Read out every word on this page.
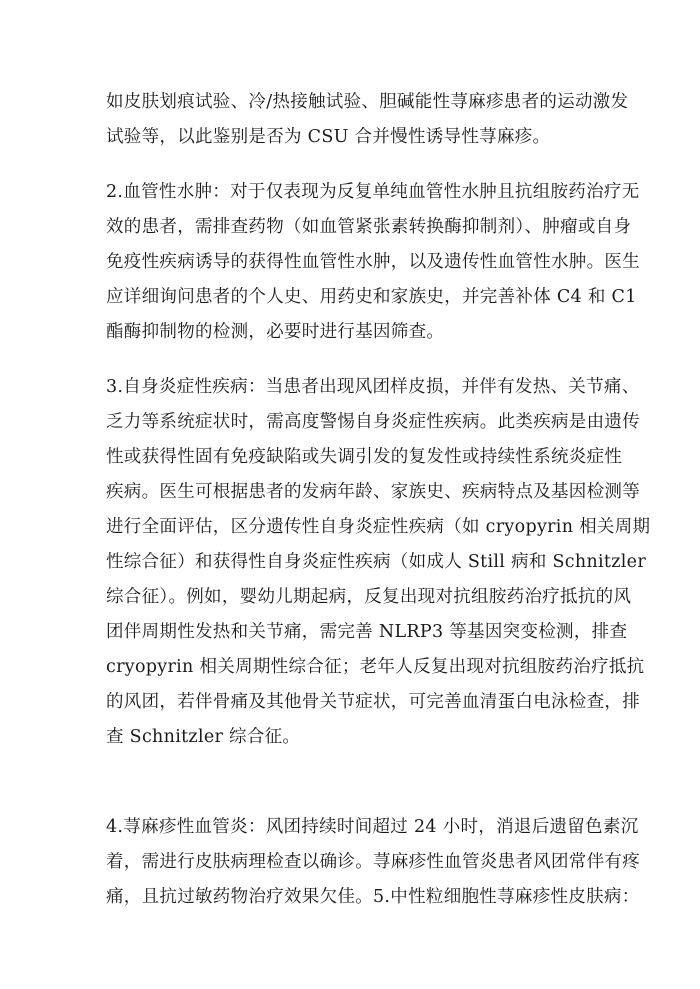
如皮肤划痕试验、冷/热接触试验、胆碱能性荨麻疹患者的运动激发
试验等，以此鉴别是否为 CSU 合并慢性诱导性荨麻疹。
2.血管性水肿：对于仅表现为反复单纯血管性水肿且抗组胺药治疗无
效的患者，需排查药物（如血管紧张素转换酶抑制剂）、肿瘤或自身
免疫性疾病诱导的获得性血管性水肿，以及遗传性血管性水肿。医生
应详细询问患者的个人史、用药史和家族史，并完善补体 C4 和 C1
酯酶抑制物的检测，必要时进行基因筛查。
3.自身炎症性疾病：当患者出现风团样皮损，并伴有发热、关节痛、
乏力等系统症状时，需高度警惕自身炎症性疾病。此类疾病是由遗传
性或获得性固有免疫缺陷或失调引发的复发性或持续性系统炎症性
疾病。医生可根据患者的发病年龄、家族史、疾病特点及基因检测等
进行全面评估，区分遗传性自身炎症性疾病（如 cryopyrin 相关周期
性综合征）和获得性自身炎症性疾病（如成人 Still 病和 Schnitzler
综合征）。例如，婴幼儿期起病，反复出现对抗组胺药治疗抵抗的风
团伴周期性发热和关节痛，需完善 NLRP3 等基因突变检测，排查
cryopyrin 相关周期性综合征；老年人反复出现对抗组胺药治疗抵抗
的风团，若伴骨痛及其他骨关节症状，可完善血清蛋白电泳检查，排
查 Schnitzler 综合征。
4.荨麻疹性血管炎：风团持续时间超过 24 小时，消退后遗留色素沉
着，需进行皮肤病理检查以确诊。荨麻疹性血管炎患者风团常伴有疼
痛，且抗过敏药物治疗效果欠佳。5.中性粒细胞性荨麻疹性皮肤病：
